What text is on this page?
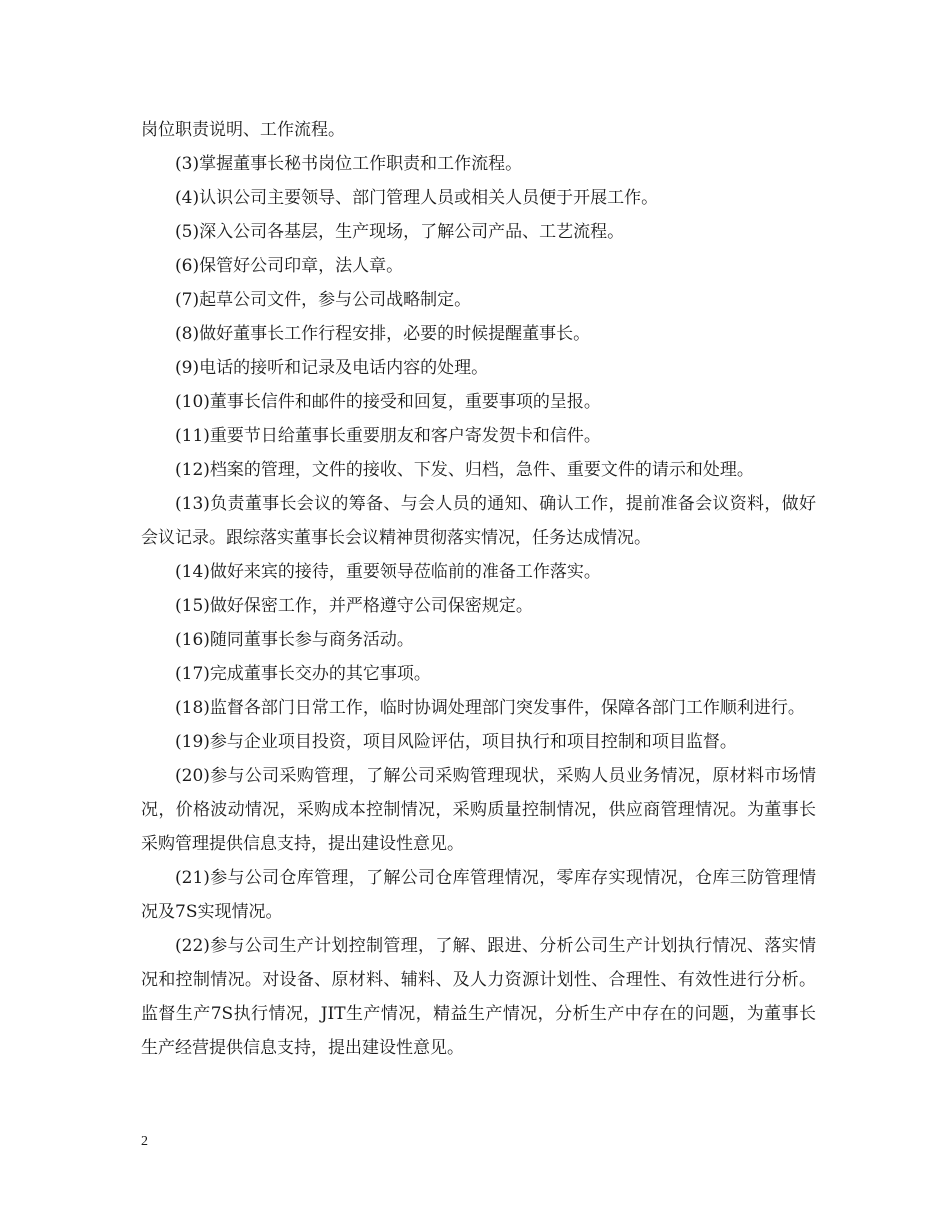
岗位职责说明、工作流程。

(3)掌握董事长秘书岗位工作职责和工作流程。

(4)认识公司主要领导、部门管理人员或相关人员便于开展工作。

(5)深入公司各基层，生产现场，了解公司产品、工艺流程。

(6)保管好公司印章，法人章。

(7)起草公司文件，参与公司战略制定。

(8)做好董事长工作行程安排，必要的时候提醒董事长。

(9)电话的接听和记录及电话内容的处理。

(10)董事长信件和邮件的接受和回复，重要事项的呈报。

(11)重要节日给董事长重要朋友和客户寄发贺卡和信件。

(12)档案的管理，文件的接收、下发、归档，急件、重要文件的请示和处理。

(13)负责董事长会议的筹备、与会人员的通知、确认工作，提前准备会议资料，做好会议记录。跟综落实董事长会议精神贯彻落实情况，任务达成情况。

(14)做好来宾的接待，重要领导莅临前的准备工作落实。

(15)做好保密工作，并严格遵守公司保密规定。

(16)随同董事长参与商务活动。

(17)完成董事长交办的其它事项。

(18)监督各部门日常工作，临时协调处理部门突发事件，保障各部门工作顺利进行。

(19)参与企业项目投资，项目风险评估，项目执行和项目控制和项目监督。

(20)参与公司采购管理，了解公司采购管理现状，采购人员业务情况，原材料市场情况，价格波动情况，采购成本控制情况，采购质量控制情况，供应商管理情况。为董事长采购管理提供信息支持，提出建设性意见。

(21)参与公司仓库管理，了解公司仓库管理情况，零库存实现情况，仓库三防管理情况及7S实现情况。

(22)参与公司生产计划控制管理，了解、跟进、分析公司生产计划执行情况、落实情况和控制情况。对设备、原材料、辅料、及人力资源计划性、合理性、有效性进行分析。监督生产7S执行情况，JIT生产情况，精益生产情况，分析生产中存在的问题，为董事长生产经营提供信息支持，提出建设性意见。

2
